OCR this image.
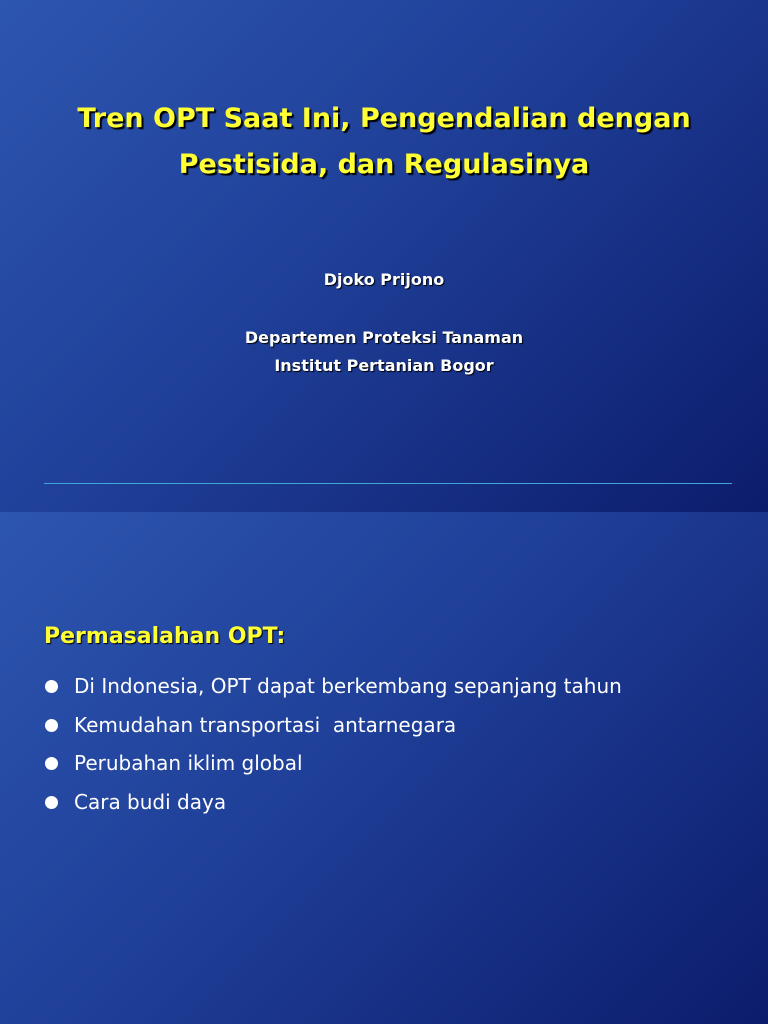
Tren OPT Saat Ini, Pengendalian dengan
Pestisida, dan Regulasinya
Djoko Prijono
Departemen Proteksi Tanaman
Institut Pertanian Bogor
Permasalahan OPT:
Di Indonesia, OPT dapat berkembang sepanjang tahun
Kemudahan transportasi  antarnegara
Perubahan iklim global
Cara budi daya
